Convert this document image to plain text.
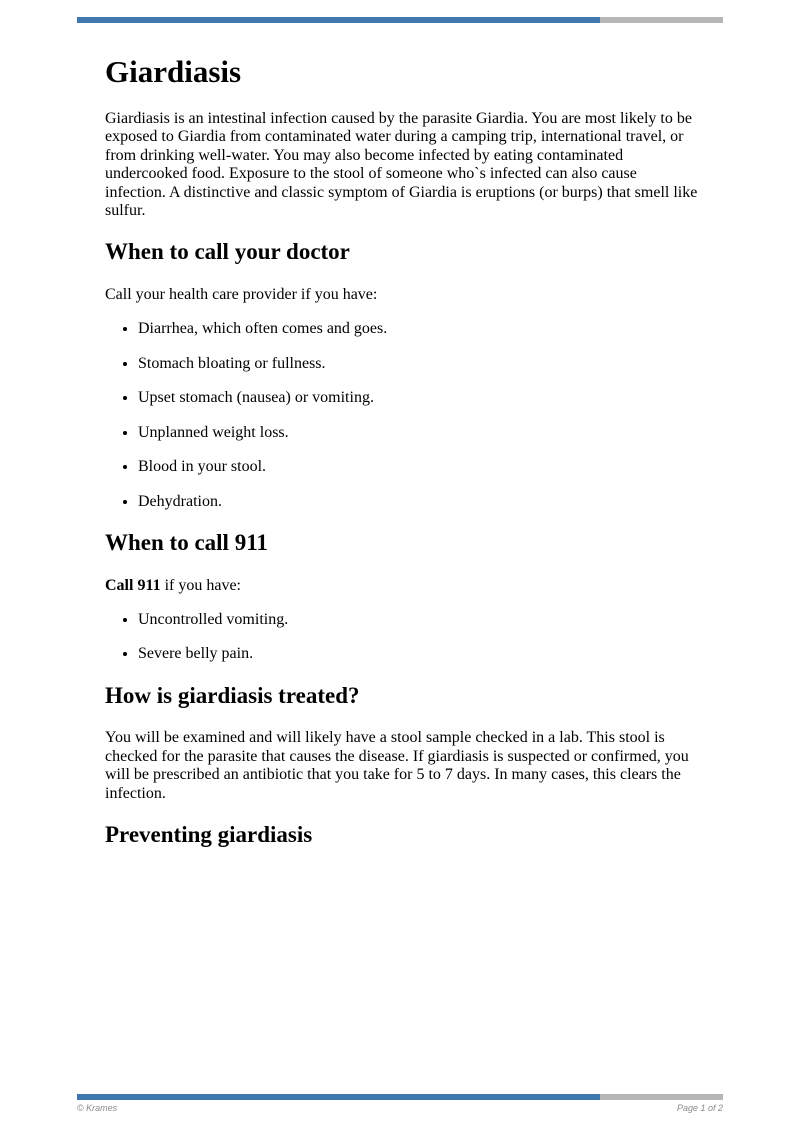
Giardiasis

Giardiasis is an intestinal infection caused by the parasite Giardia. You are most likely to be exposed to Giardia from contaminated water during a camping trip, international travel, or from drinking well-water. You may also become infected by eating contaminated undercooked food. Exposure to the stool of someone who`s infected can also cause infection. A distinctive and classic symptom of Giardia is eruptions (or burps) that smell like sulfur.

When to call your doctor

Call your health care provider if you have:

• Diarrhea, which often comes and goes.
• Stomach bloating or fullness.
• Upset stomach (nausea) or vomiting.
• Unplanned weight loss.
• Blood in your stool.
• Dehydration.
When to call 911

Call 911 if you have:

• Uncontrolled vomiting.
• Severe belly pain.
How is giardiasis treated?

You will be examined and will likely have a stool sample checked in a lab. This stool is checked for the parasite that causes the disease. If giardiasis is suspected or confirmed, you will be prescribed an antibiotic that you take for 5 to 7 days. In many cases, this clears the infection.

Preventing giardiasis
© Krames	Page 1 of 2
